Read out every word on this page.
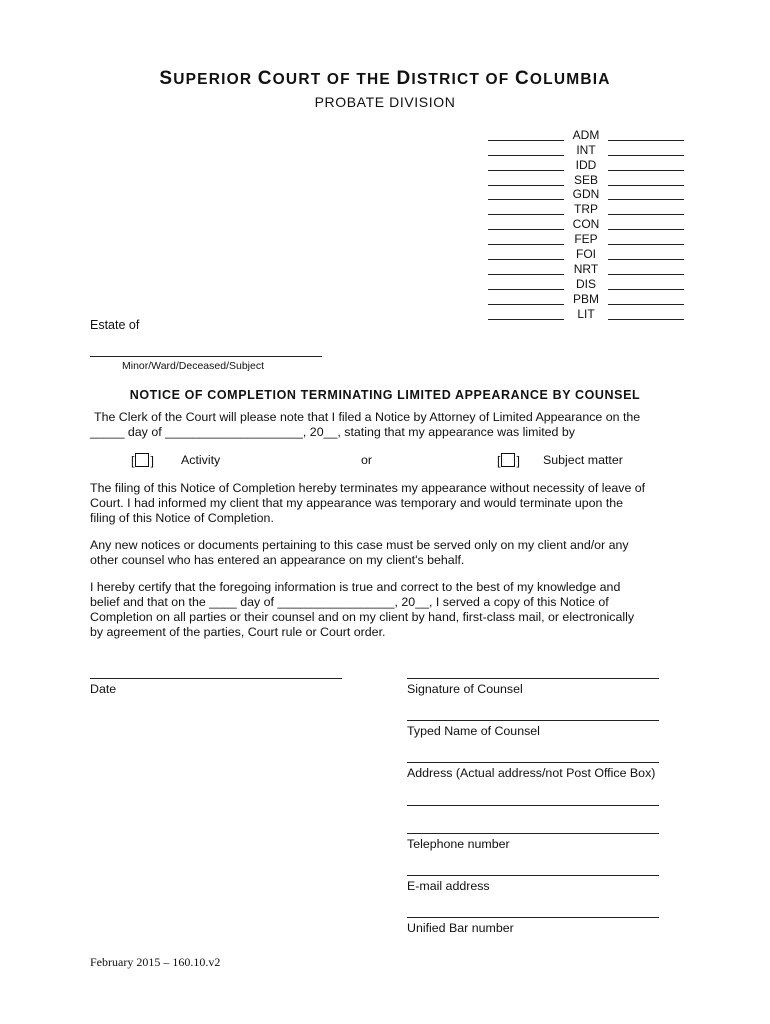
SUPERIOR COURT OF THE DISTRICT OF COLUMBIA
PROBATE DIVISION
ADM
INT
IDD
SEB
GDN
TRP
CON
FEP
FOI
NRT
DIS
PBM
LIT
Estate of
Minor/Ward/Deceased/Subject
NOTICE OF COMPLETION TERMINATING LIMITED APPEARANCE BY COUNSEL
The Clerk of the Court will please note that I filed a Notice by Attorney of Limited Appearance on the
_____ day of ____________________, 20__, stating that my appearance was limited by
[ ] Activity	or	[ ] Subject matter
The filing of this Notice of Completion hereby terminates my appearance without necessity of leave of
Court. I had informed my client that my appearance was temporary and would terminate upon the
filing of this Notice of Completion.
Any new notices or documents pertaining to this case must be served only on my client and/or any
other counsel who has entered an appearance on my client's behalf.
I hereby certify that the foregoing information is true and correct to the best of my knowledge and
belief and that on the ____ day of _________________, 20__, I served a copy of this Notice of
Completion on all parties or their counsel and on my client by hand, first-class mail, or electronically
by agreement of the parties, Court rule or Court order.
Date	Signature of Counsel
Typed Name of Counsel
Address (Actual address/not Post Office Box)
Telephone number
E-mail address
Unified Bar number
February 2015 – 160.10.v2
